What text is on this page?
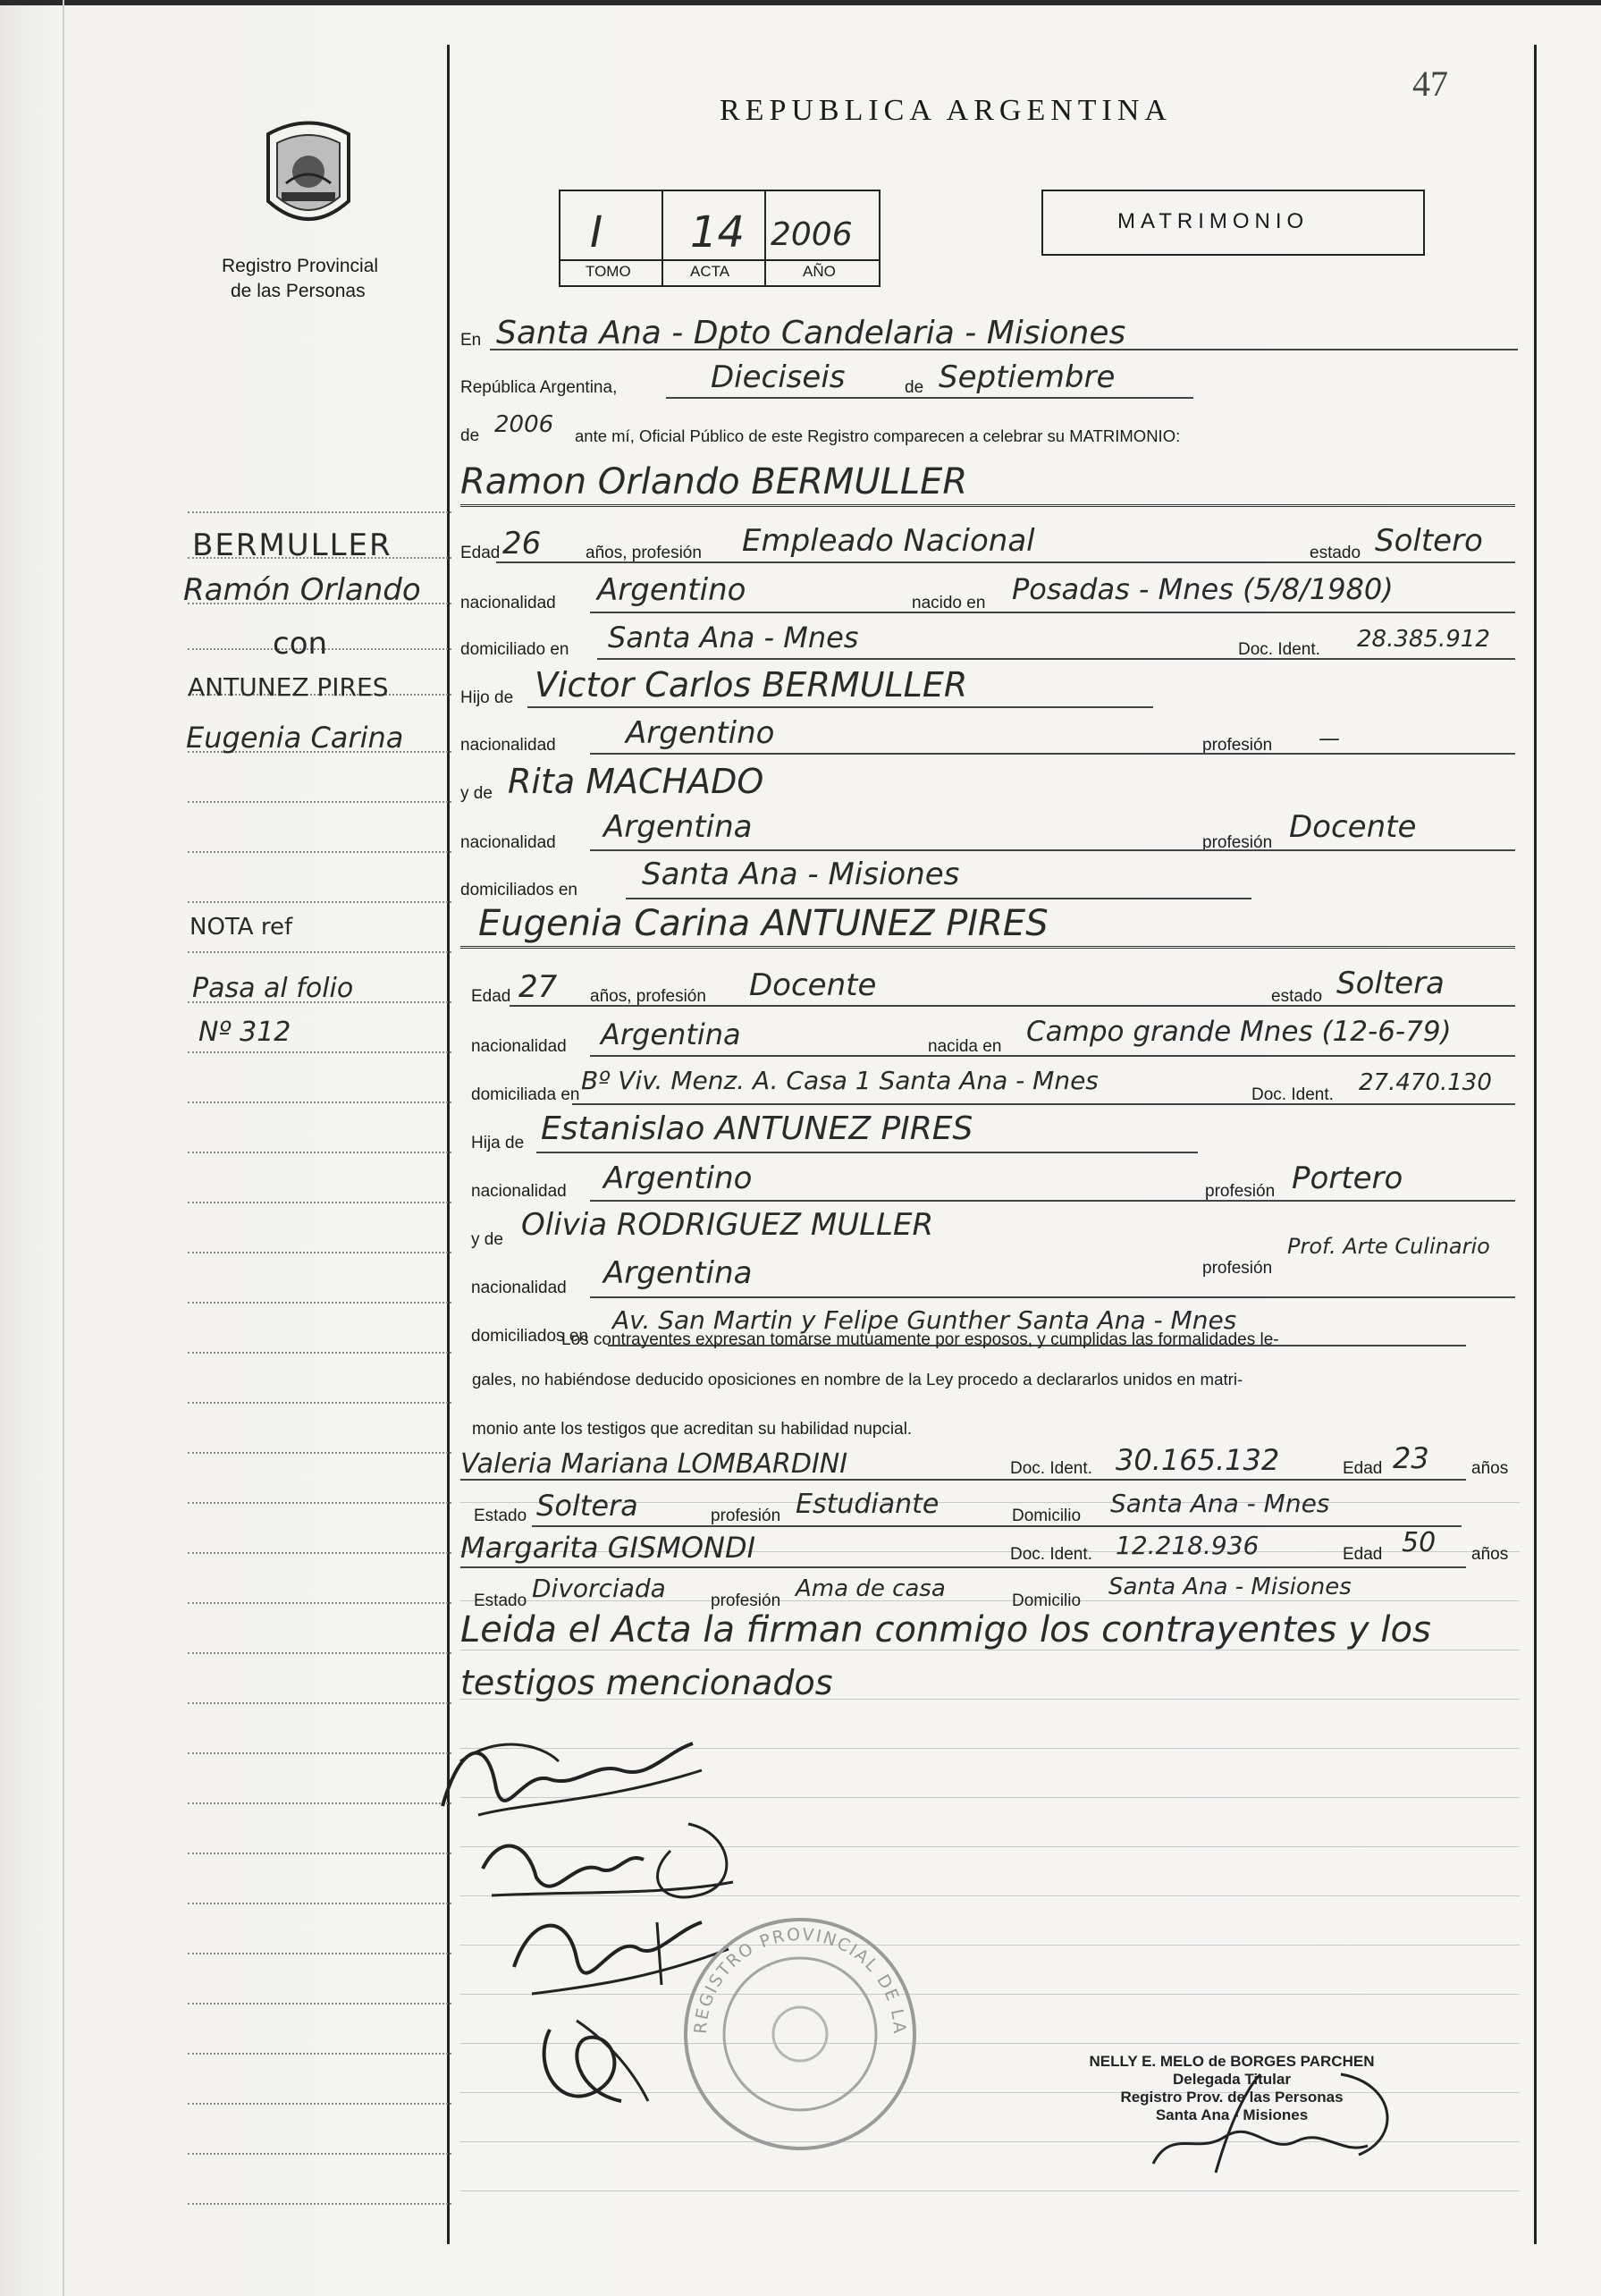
47
REPUBLICA ARGENTINA
Registro Provincial
de las Personas
I 14 2006
TOMO	ACTA	AÑO
MATRIMONIO
BERMULLER
Ramón Orlando
con
ANTUNEZ PIRES
Eugenia Carina
NOTA ref
Pasa al folio
Nº 312
En Santa Ana - Dpto Candelaria - Misiones
República Argentina,	Dieciseis	de Septiembre
de 2006 ante mí, Oficial Público de este Registro comparecen a celebrar su MATRIMONIO:
Ramon Orlando BERMULLER
Edad 26	años, profesión Empleado Nacional	estado Soltero
nacionalidad Argentino	nacido en Posadas - Mnes (5/8/1980)
domiciliado en Santa Ana - Mnes	Doc. Ident. 28.385.912
Hijo de Victor Carlos BERMULLER
nacionalidad Argentino	profesión —
y de Rita MACHADO
nacionalidad Argentina	profesión Docente
domiciliados en Santa Ana - Misiones
Eugenia Carina ANTUNEZ PIRES
Edad 27 años, profesión Docente	estado Soltera
nacionalidad Argentina	nacida en Campo grande Mnes (12-6-79)
domiciliada en Bº Viv. Menz. A. Casa 1 Santa Ana - Mnes	Doc. Ident. 27.470.130
Hija de Estanislao ANTUNEZ PIRES
nacionalidad Argentino	profesión Portero
y de Olivia RODRIGUEZ MULLER
nacionalidad Argentina	profesión
Prof. Arte Culinario
domiciliados en
Av. San Martin y Felipe Gunther Santa Ana - Mnes
Los contrayentes expresan tomarse mutuamente por esposos, y cumplidas las formalidades le-
gales, no habiéndose deducido oposiciones en nombre de la Ley procedo a declararlos unidos en matri-
monio ante los testigos que acreditan su habilidad nupcial.
Valeria Mariana LOMBARDINI	Doc. Ident. 30.165.132	Edad 23 años
Estado Soltera	profesión Estudiante	Domicilio Santa Ana - Mnes
Margarita GISMONDI	Doc. Ident. 12.218.936	Edad 50 años
Estado Divorciada	profesión Ama de casa	Domicilio
Santa Ana - Misiones
Leida el Acta la firman conmigo los contrayentes y los
testigos mencionados
REGISTRO PROVINCIAL DE LA
NELLY E. MELO de BORGES PARCHEN
Delegada Titular
Registro Prov. de las Personas
Santa Ana - Misiones
